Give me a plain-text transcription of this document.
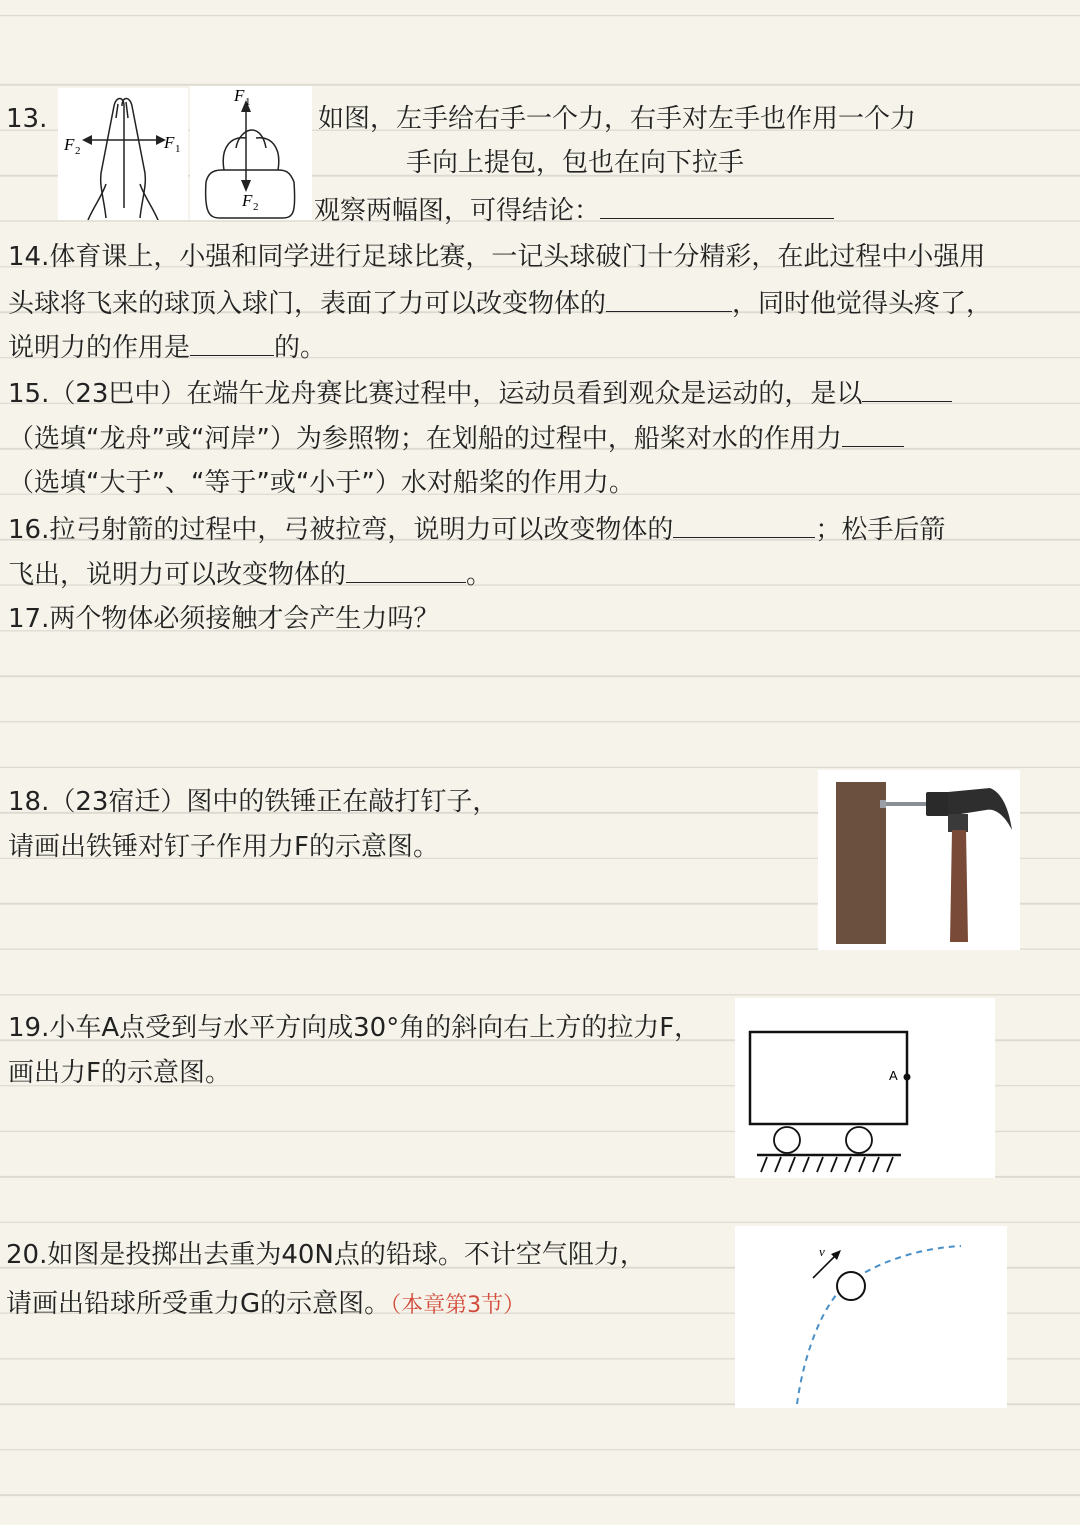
13.
F 2	F 1
F 1
F 2
如图，左手给右手一个力，右手对左手也作用一个力
手向上提包，包也在向下拉手
观察两幅图，可得结论：
14.体育课上，小强和同学进行足球比赛，一记头球破门十分精彩，在此过程中小强用
头球将飞来的球顶入球门，表面了力可以改变物体的	，同时他觉得头疼了，
说明力的作用是	的。
15.（23巴中）在端午龙舟赛比赛过程中，运动员看到观众是运动的，是以
（选填“龙舟”或“河岸”）为参照物；在划船的过程中，船桨对水的作用力
（选填“大于”、“等于”或“小于”）水对船桨的作用力。
16.拉弓射箭的过程中，弓被拉弯，说明力可以改变物体的	；松手后箭
飞出，说明力可以改变物体的	。
17.两个物体必须接触才会产生力吗？
18.（23宿迁）图中的铁锤正在敲打钉子，
请画出铁锤对钉子作用力F的示意图。
19.小车A点受到与水平方向成30°角的斜向右上方的拉力F，
画出力F的示意图。	A
20.如图是投掷出去重为40N点的铅球。不计空气阻力，
请画出铅球所受重力G的示意图。（本章第3节）
v
